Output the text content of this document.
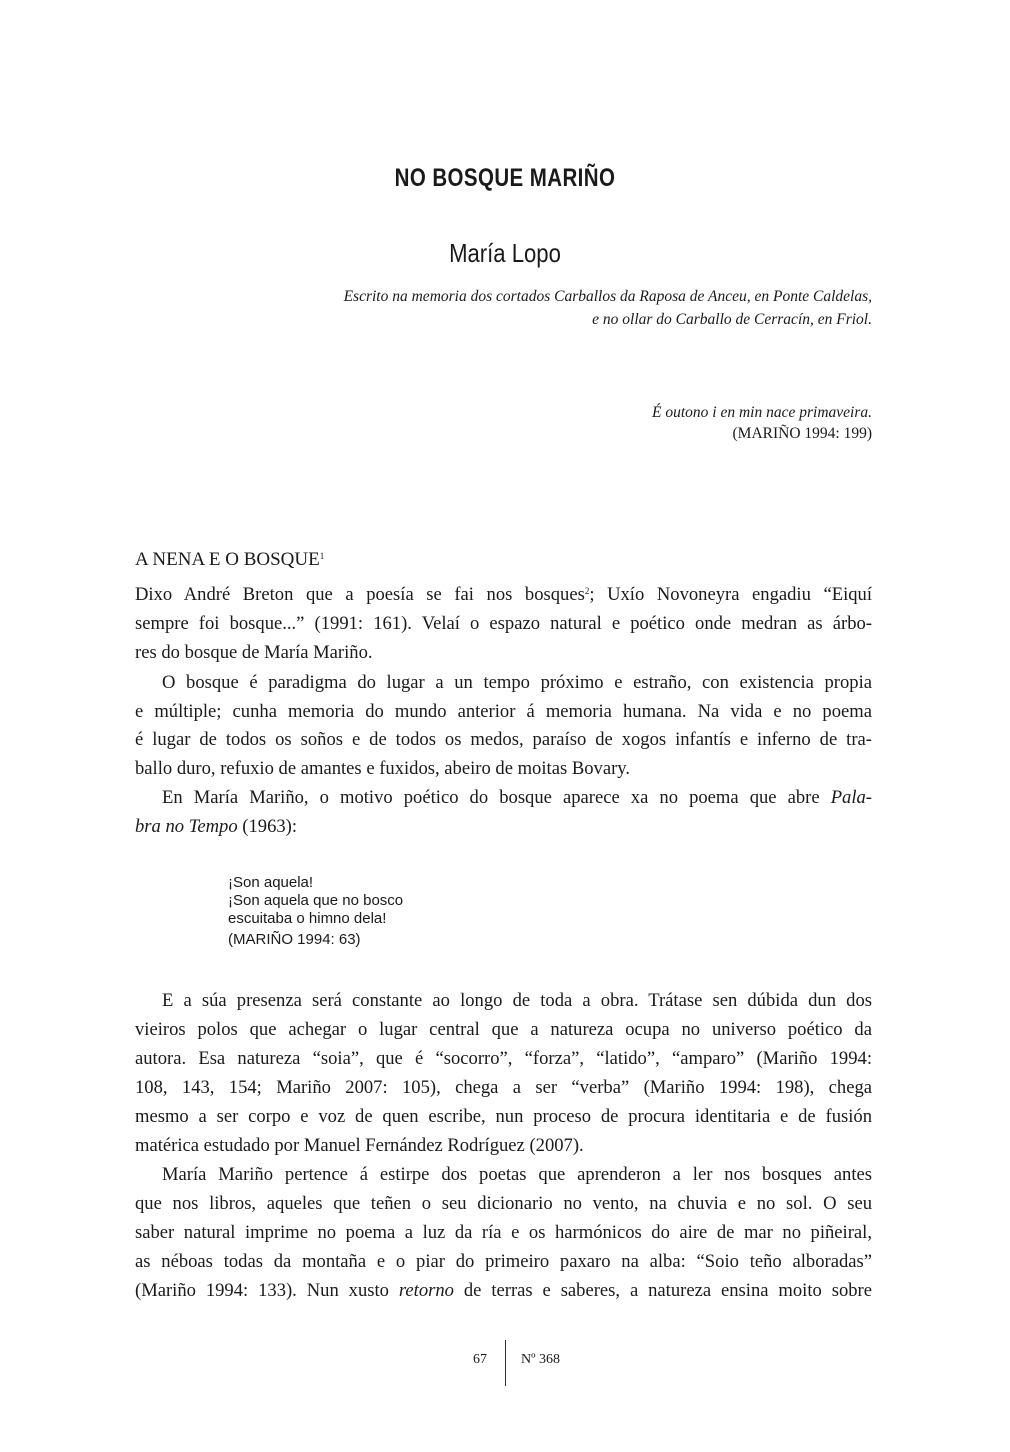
NO BOSQUE MARIÑO
María Lopo
Escrito na memoria dos cortados Carballos da Raposa de Anceu, en Ponte Caldelas,
e no ollar do Carballo de Cerracín, en Friol.
É outono i en min nace primaveira.
(MARIÑO 1994: 199)
A NENA E O BOSQUE$^1$
Dixo André Breton que a poesía se fai nos bosques$^2$; Uxío Novoneyra engadiu “Eiquí
sempre foi bosque...” (1991: 161). Velaí o espazo natural e poético onde medran as árbo-
res do bosque de María Mariño.
O bosque é paradigma do lugar a un tempo próximo e estraño, con existencia propia
e múltiple; cunha memoria do mundo anterior á memoria humana. Na vida e no poema
é lugar de todos os soños e de todos os medos, paraíso de xogos infantís e inferno de tra-
ballo duro, refuxio de amantes e fuxidos, abeiro de moitas Bovary.
En María Mariño, o motivo poético do bosque aparece xa no poema que abre Pala-
bra no Tempo (1963):
E a súa presenza será constante ao longo de toda a obra. Trátase sen dúbida dun dos
vieiros polos que achegar o lugar central que a natureza ocupa no universo poético da
autora. Esa natureza “soia”, que é “socorro”, “forza”, “latido”, “amparo” (Mariño 1994:
108, 143, 154; Mariño 2007: 105), chega a ser “verba” (Mariño 1994: 198), chega
mesmo a ser corpo e voz de quen escribe, nun proceso de procura identitaria e de fusión
matérica estudado por Manuel Fernández Rodríguez (2007).
María Mariño pertence á estirpe dos poetas que aprenderon a ler nos bosques antes
que nos libros, aqueles que teñen o seu dicionario no vento, na chuvia e no sol. O seu
saber natural imprime no poema a luz da ría e os harmónicos do aire de mar no piñeiral,
as néboas todas da montaña e o piar do primeiro paxaro na alba: “Soio teño alboradas”
(Mariño 1994: 133). Nun xusto retorno de terras e saberes, a natureza ensina moito sobre
¡Son aquela!
¡Son aquela que no bosco
escuitaba o himno dela!
(MARIÑO 1994: 63)
67 Nº 368
